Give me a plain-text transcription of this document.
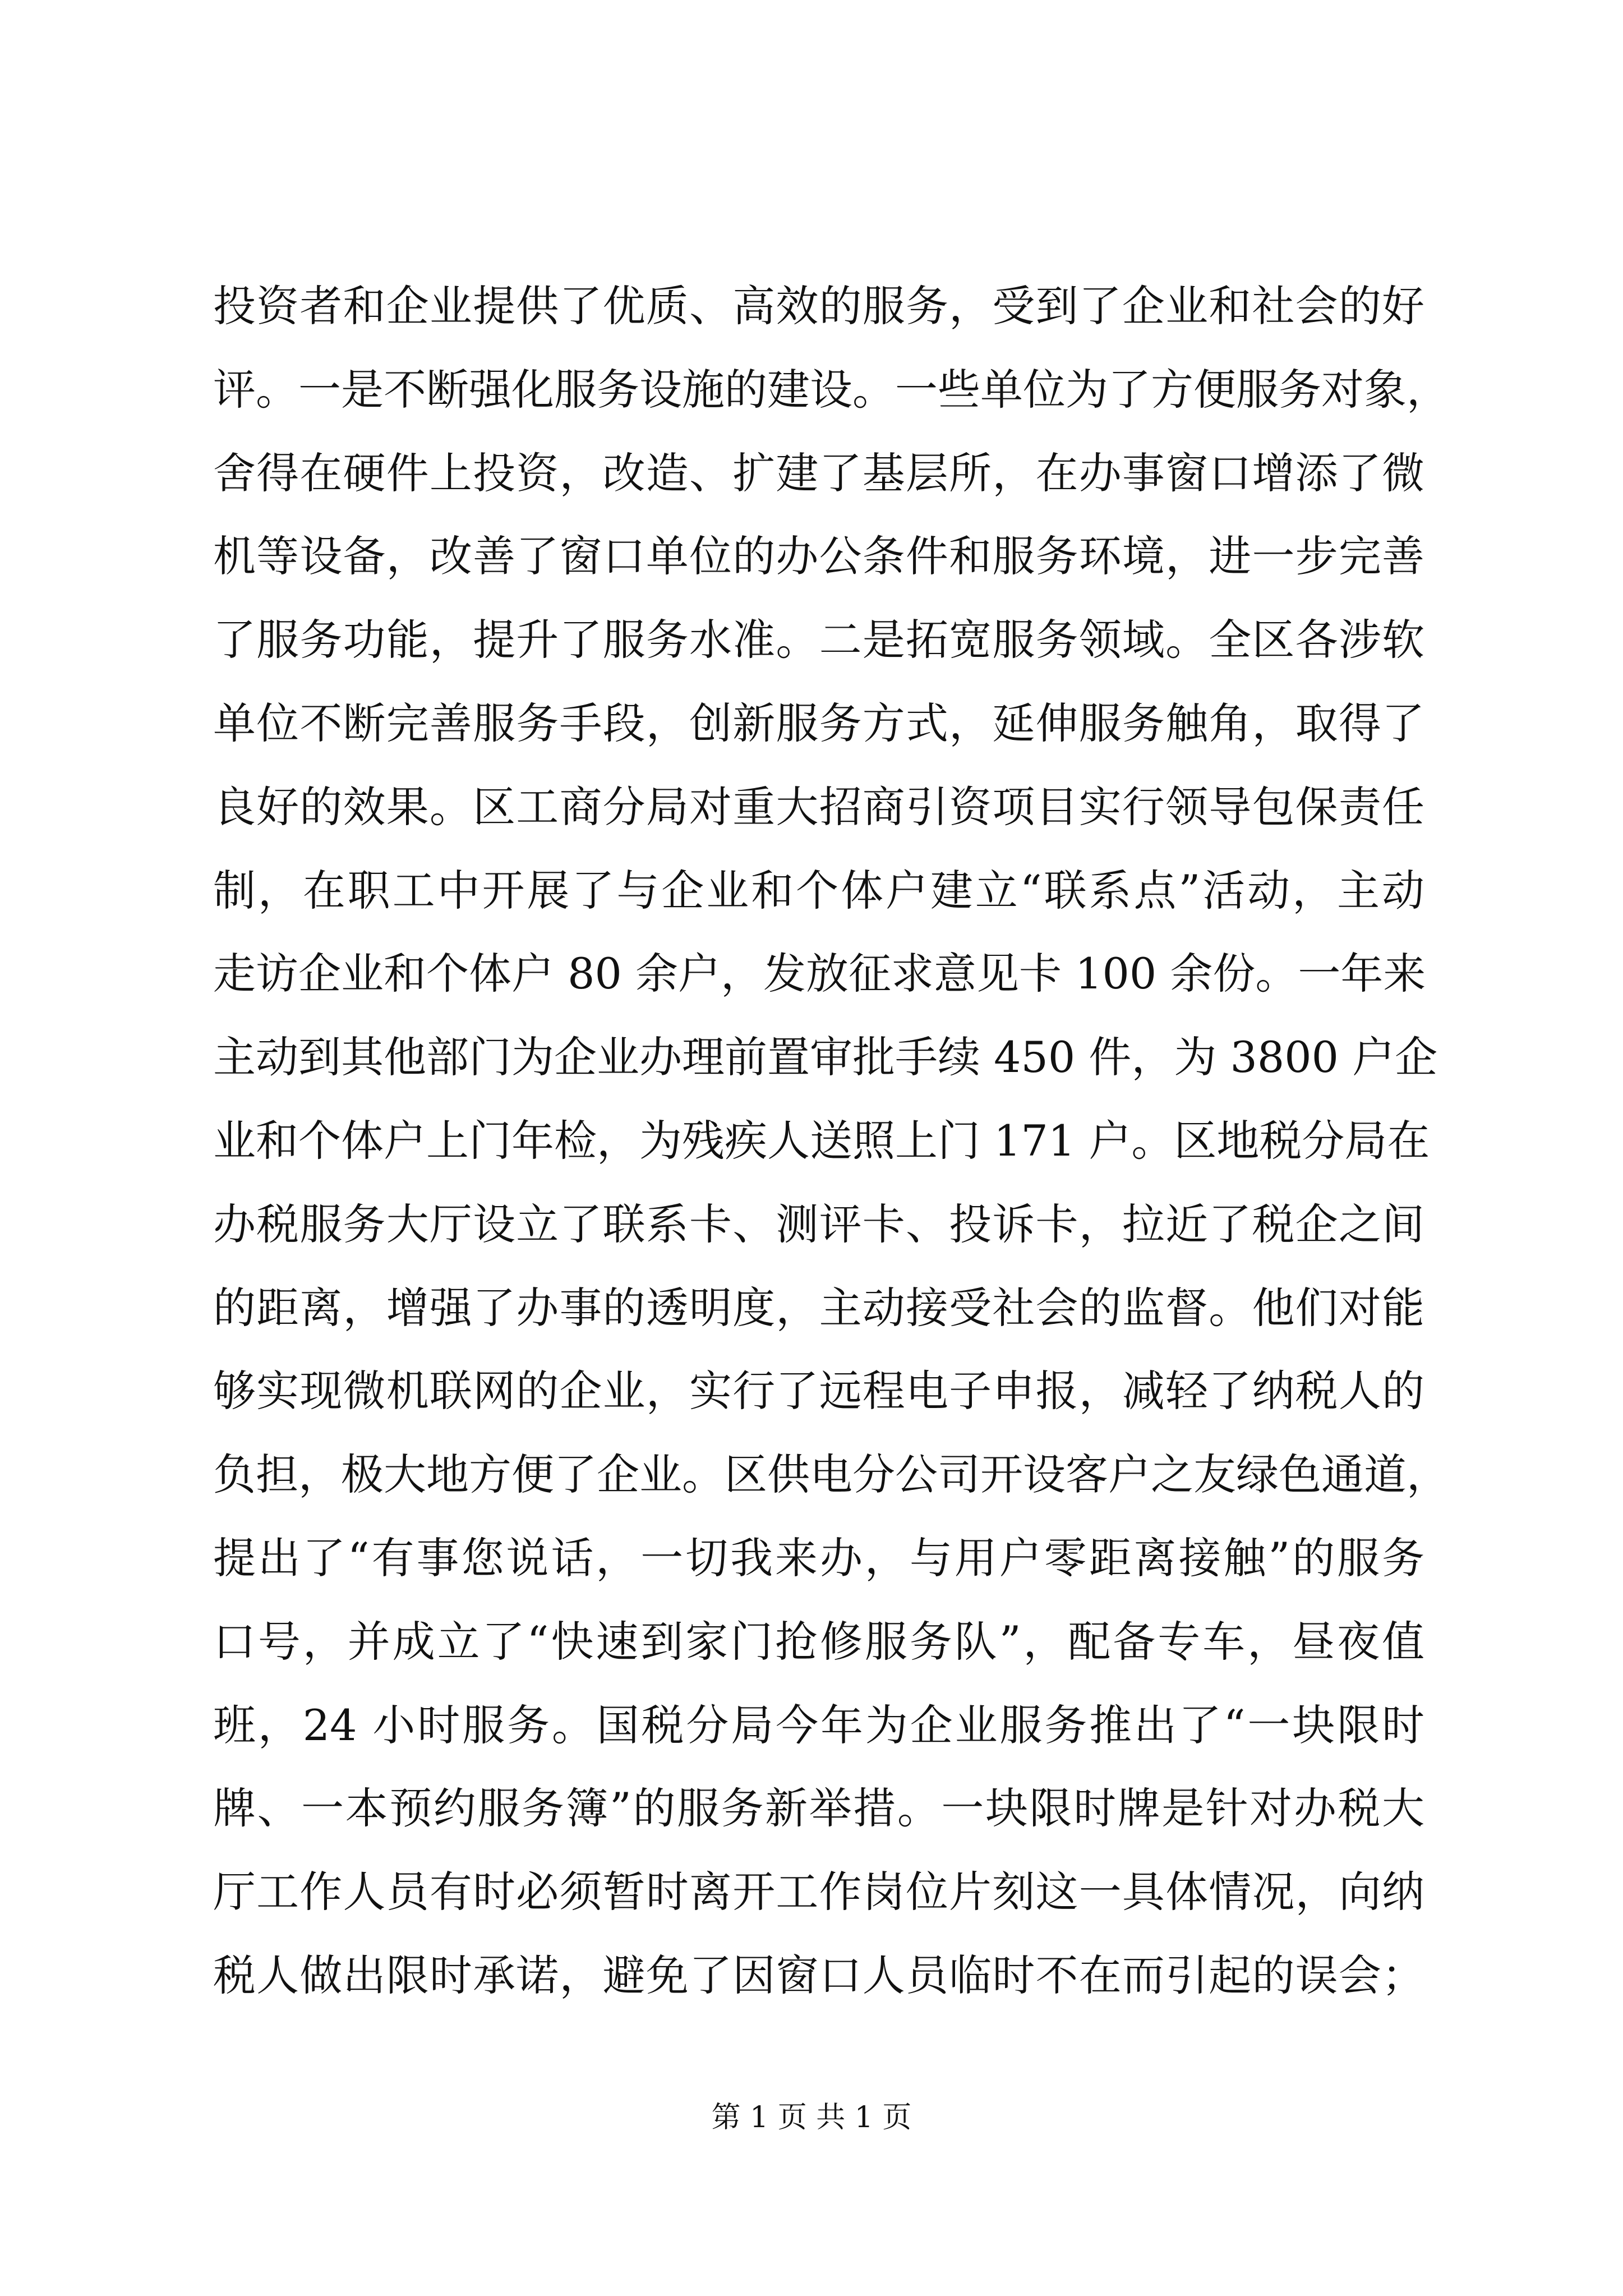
投资者和企业提供了优质、高效的服务，受到了企业和社会的好
评。一是不断强化服务设施的建设。一些单位为了方便服务对象，
舍得在硬件上投资，改造、扩建了基层所，在办事窗口增添了微
机等设备，改善了窗口单位的办公条件和服务环境，进一步完善
了服务功能，提升了服务水准。二是拓宽服务领域。全区各涉软
单位不断完善服务手段，创新服务方式，延伸服务触角，取得了
良好的效果。区工商分局对重大招商引资项目实行领导包保责任
制，在职工中开展了与企业和个体户建立“联系点”活动，主动
走访企业和个体户 80 余户，发放征求意见卡 100 余份。一年来
主动到其他部门为企业办理前置审批手续 450 件，为 3800 户企
业和个体户上门年检，为残疾人送照上门 171 户。区地税分局在
办税服务大厅设立了联系卡、测评卡、投诉卡，拉近了税企之间
的距离，增强了办事的透明度，主动接受社会的监督。他们对能
够实现微机联网的企业，实行了远程电子申报，减轻了纳税人的
负担，极大地方便了企业。区供电分公司开设客户之友绿色通道，
提出了“有事您说话，一切我来办，与用户零距离接触”的服务
口号，并成立了“快速到家门抢修服务队”，配备专车，昼夜值
班，24 小时服务。国税分局今年为企业服务推出了“一块限时
牌、一本预约服务簿”的服务新举措。一块限时牌是针对办税大
厅工作人员有时必须暂时离开工作岗位片刻这一具体情况，向纳
税人做出限时承诺，避免了因窗口人员临时不在而引起的误会；
第 1 页 共 1 页
